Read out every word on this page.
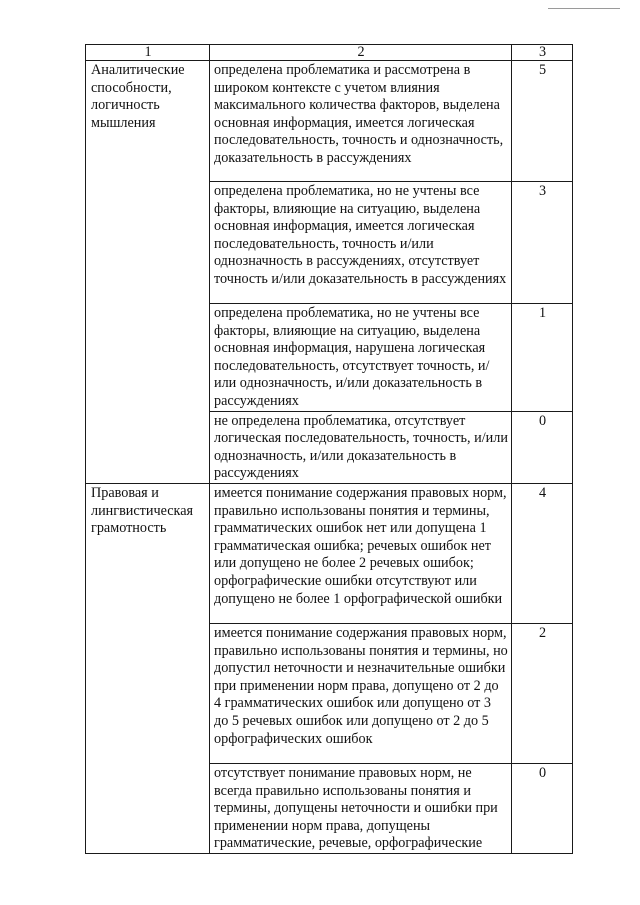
1	2	3
Аналитические способности, логичность мышления	определена проблематика и рассмотрена в широком контексте с учетом влияния максимального количества факторов, выделена основная информация, имеется логическая последовательность, точность и однозначность, доказательность в рассуждениях	5
	определена проблематика, но не учтены все факторы, влияющие на ситуацию, выделена основная информация, имеется логическая последовательность, точность и/или однозначность в рассуждениях, отсутствует точность и/или доказательность в рассуждениях	3
	определена проблематика, но не учтены все факторы, влияющие на ситуацию, выделена основная информация, нарушена логическая последовательность, отсутствует точность, и/или однозначность, и/или доказательность в рассуждениях	1
	не определена проблематика, отсутствует логическая последовательность, точность, и/или однозначность, и/или доказательность в рассуждениях	0
Правовая и лингвистическая грамотность	имеется понимание содержания правовых норм, правильно использованы понятия и термины, грамматических ошибок нет или допущена 1 грамматическая ошибка; речевых ошибок нет или допущено не более 2 речевых ошибок; орфографические ошибки отсутствуют или допущено не более 1 орфографической ошибки	4
	имеется понимание содержания правовых норм, правильно использованы понятия и термины, но допустил неточности и незначительные ошибки при применении норм права, допущено от 2 до 4 грамматических ошибок или допущено от 3 до 5 речевых ошибок или допущено от 2 до 5 орфографических ошибок	2
	отсутствует понимание правовых норм, не всегда правильно использованы понятия и термины, допущены неточности и ошибки при применении норм права, допущены грамматические, речевые, орфографические	0
